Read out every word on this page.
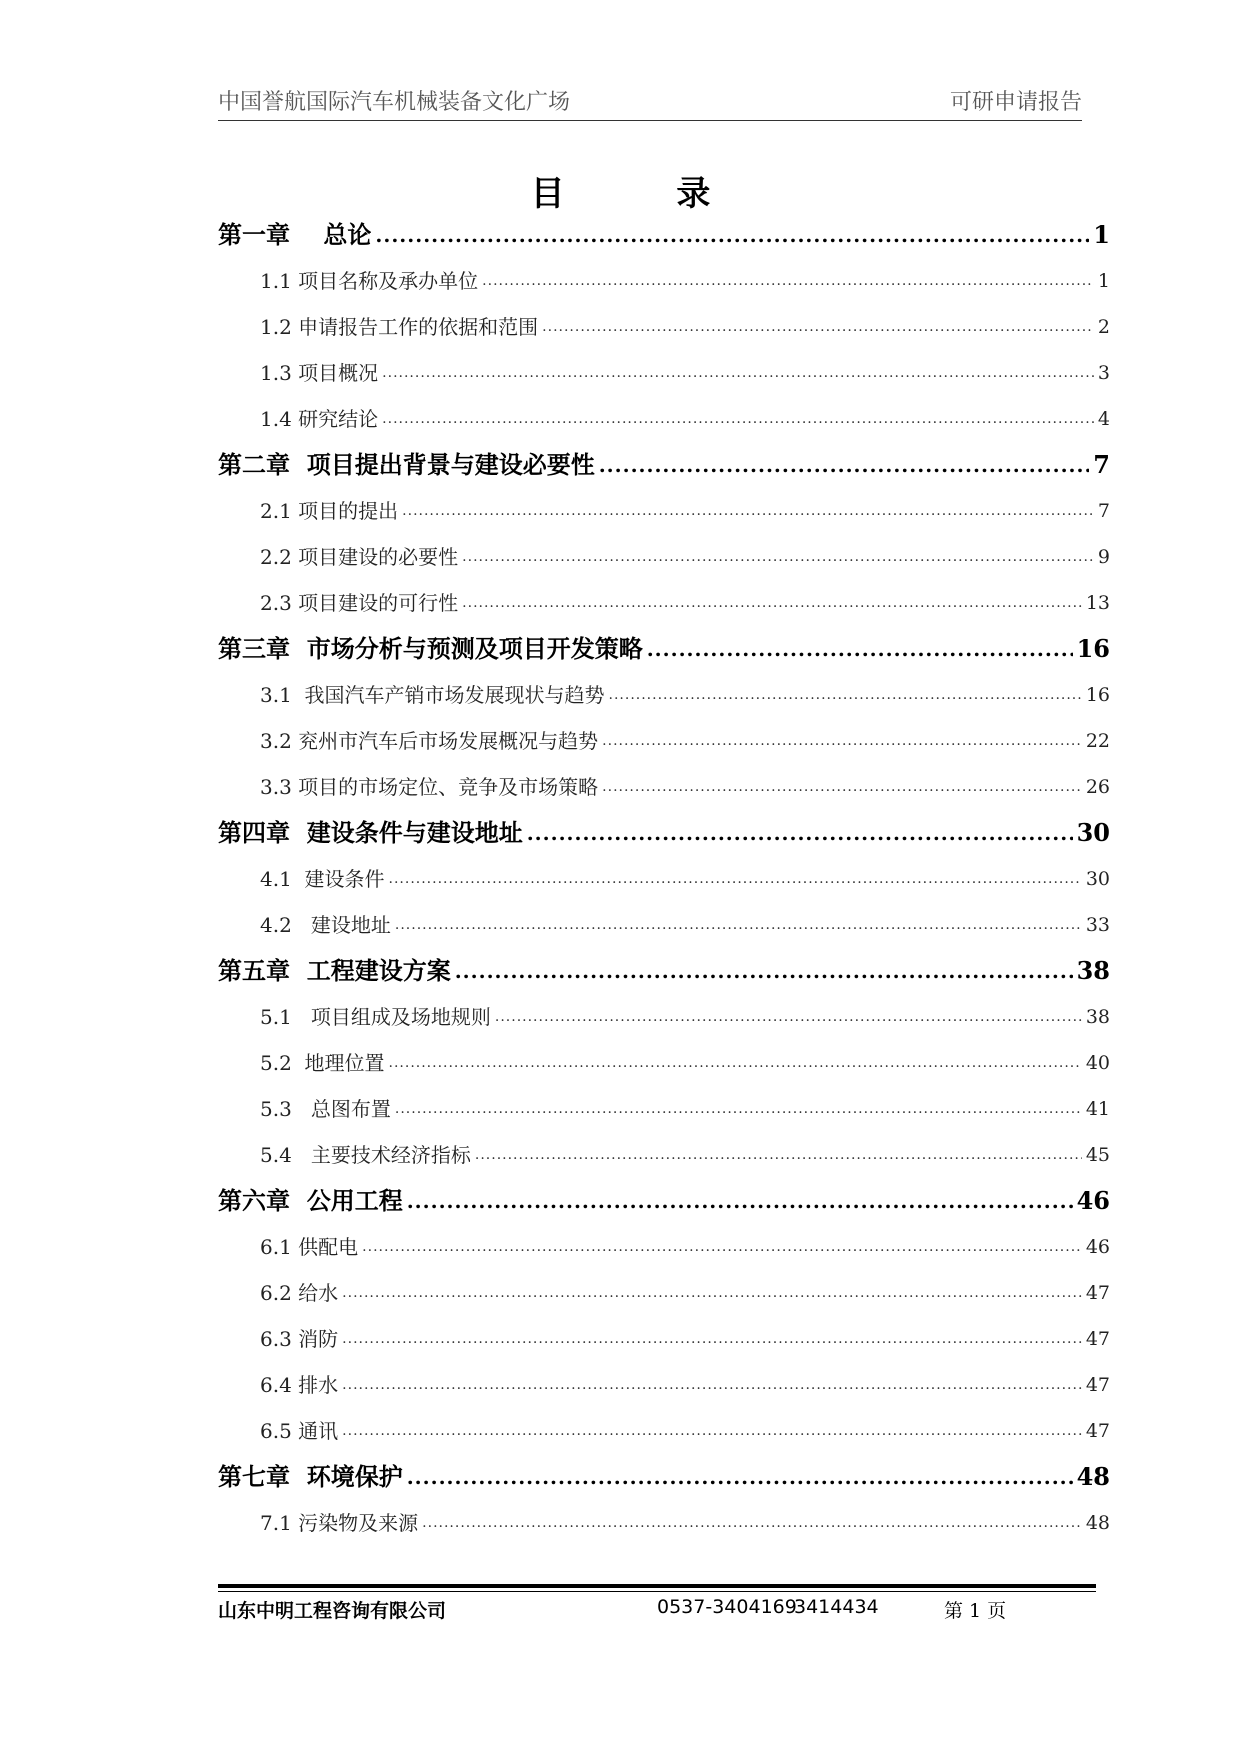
中国誉航国际汽车机械装备文化广场	可研申请报告
目 录
第一章    总论 .....	1
1.1 项目名称及承办单位 .....	1
1.2 申请报告工作的依据和范围 .....	2
1.3 项目概况 .....	3
1.4 研究结论 .....	4
第二章  项目提出背景与建设必要性 .....	7
2.1 项目的提出 .....	7
2.2 项目建设的必要性 .....	9
2.3 项目建设的可行性 .....	13
第三章  市场分析与预测及项目开发策略 .....	16
3.1  我国汽车产销市场发展现状与趋势 .....	16
3.2 兖州市汽车后市场发展概况与趋势 .....	22
3.3 项目的市场定位、竞争及市场策略 .....	26
第四章  建设条件与建设地址 .....	30
4.1  建设条件 .....	30
4.2   建设地址 .....	33
第五章  工程建设方案 .....	38
5.1   项目组成及场地规则 .....	38
5.2  地理位置 .....	40
5.3   总图布置 .....	41
5.4   主要技术经济指标 .....	45
第六章  公用工程 .....	46
6.1 供配电 .....	46
6.2 给水 .....	47
6.3 消防 .....	47
6.4 排水 .....	47
6.5 通讯 .....	47
第七章  环境保护 .....	48
7.1 污染物及来源 .....	48
山东中明工程咨询有限公司	0537-3404169
3414434	第 1 页
